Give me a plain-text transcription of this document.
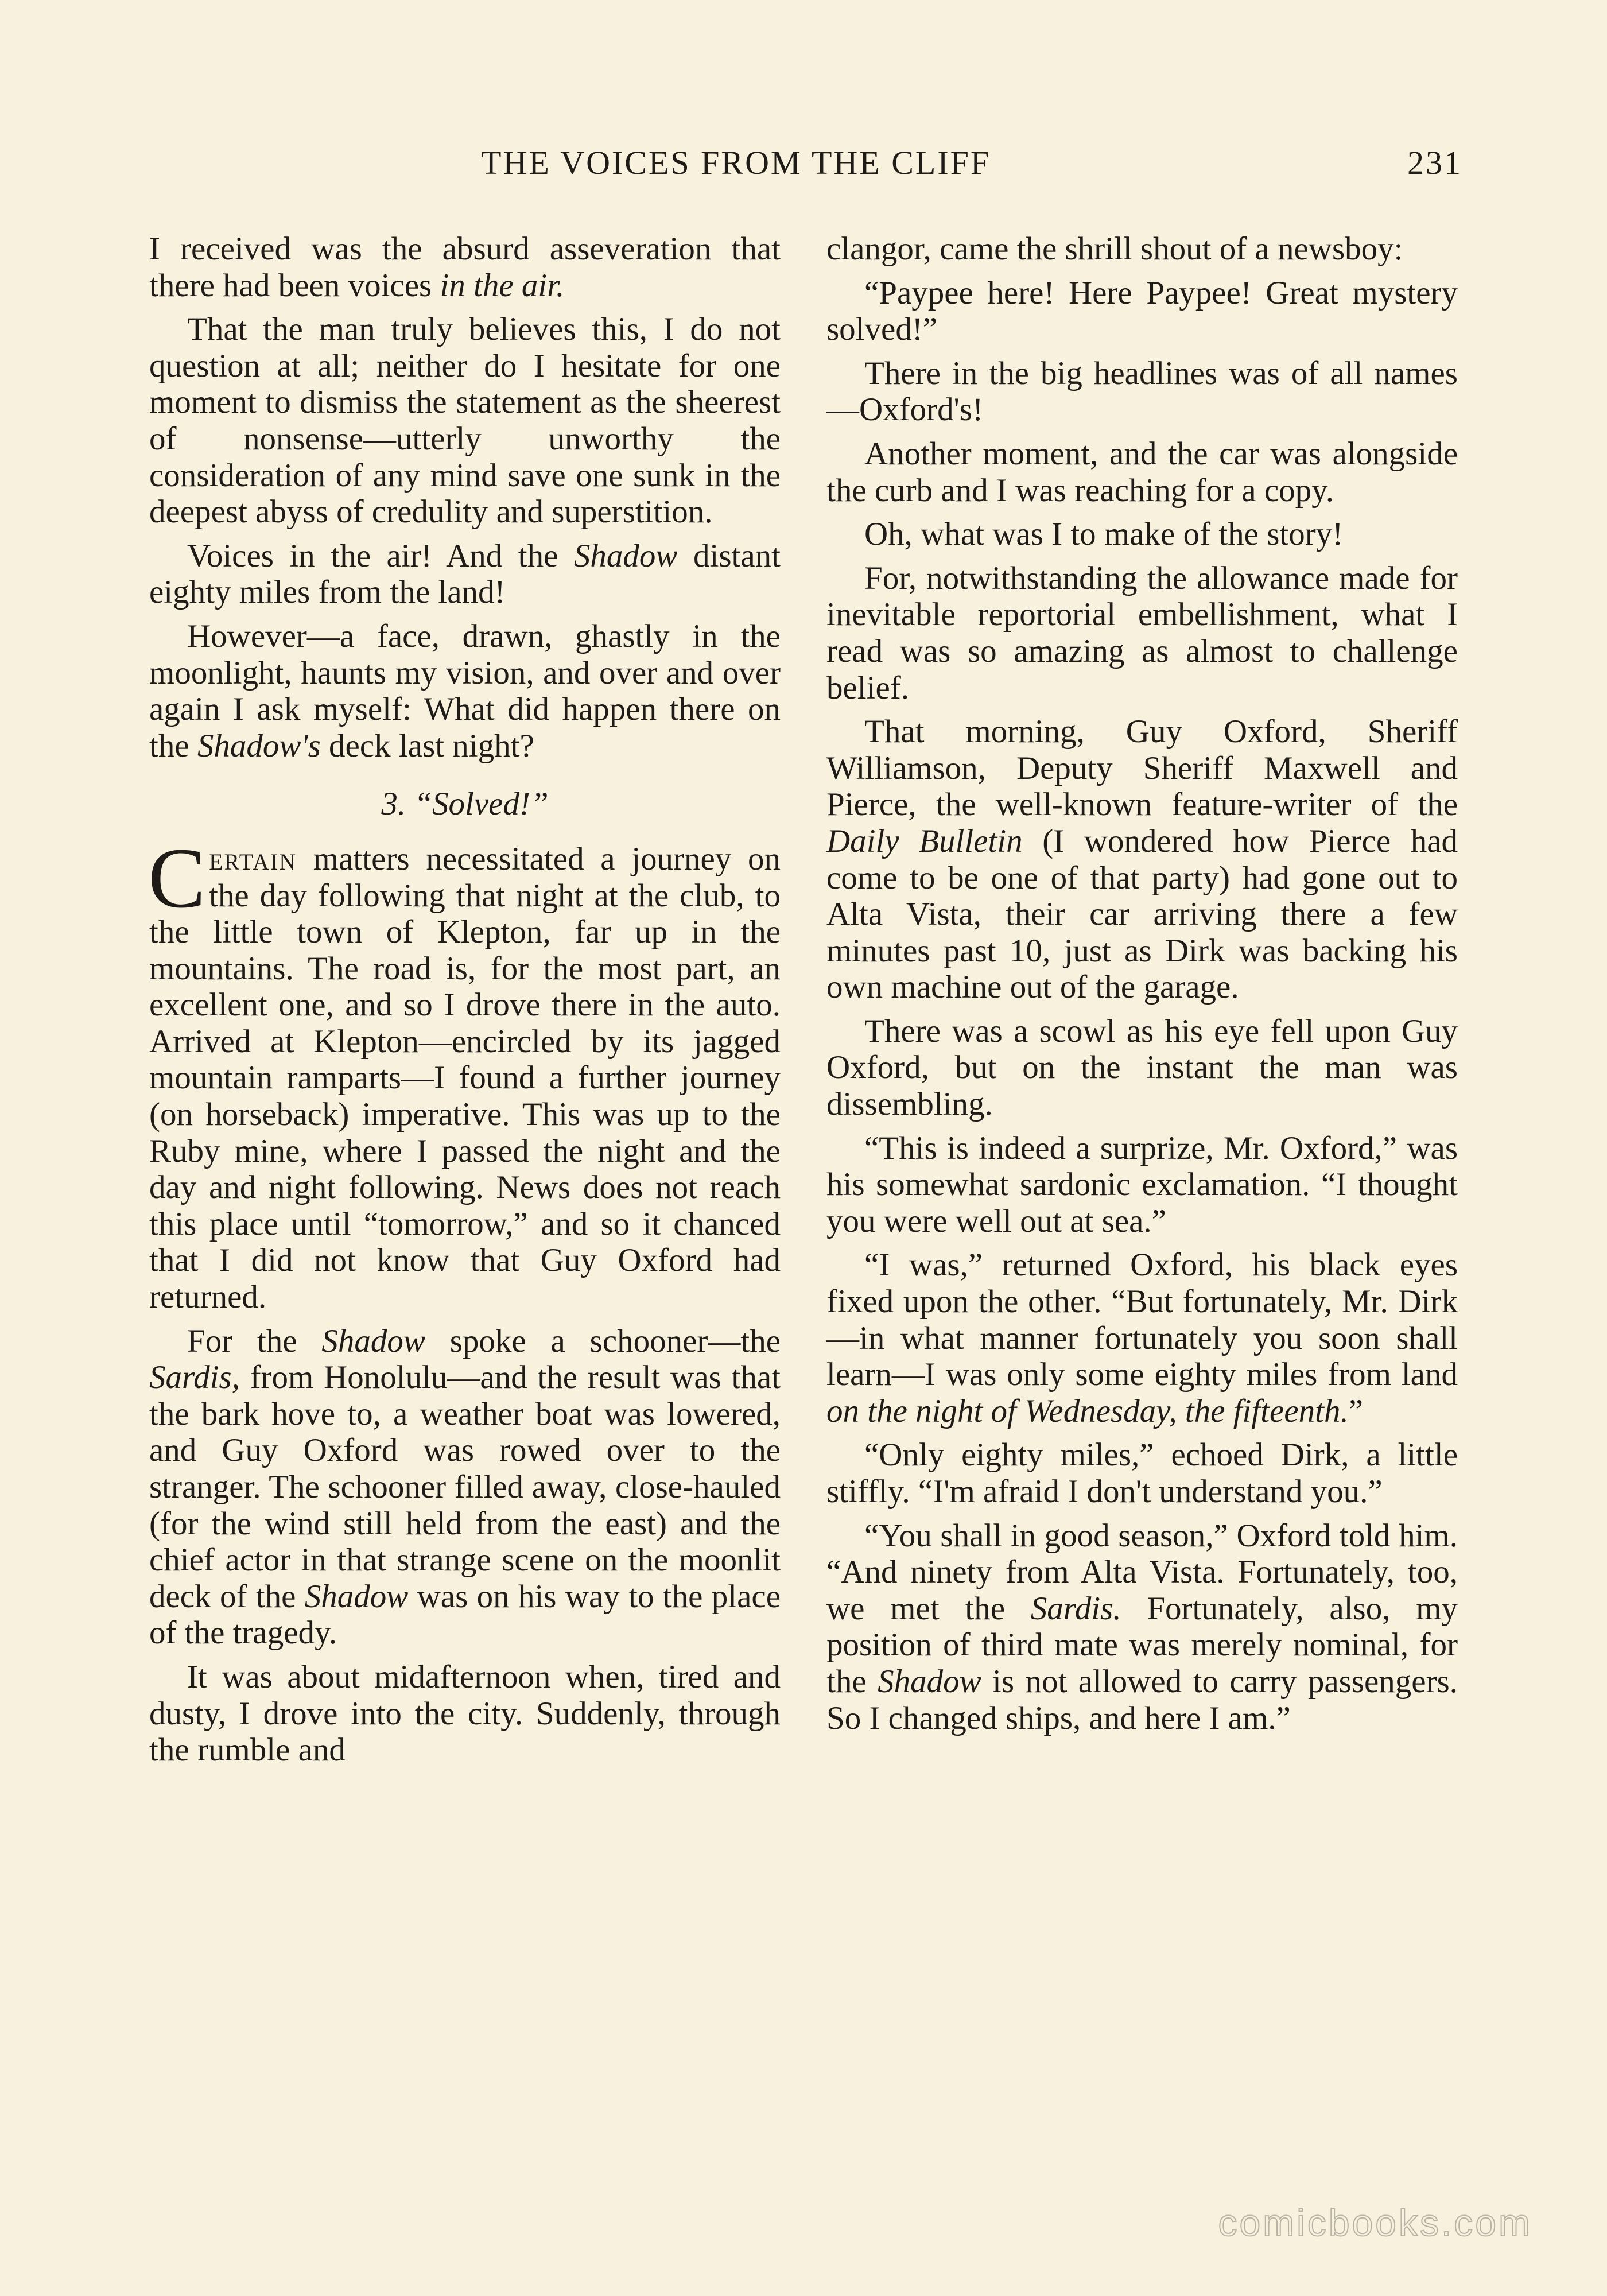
THE VOICES FROM THE CLIFF	231

I received was the absurd asseveration that there had been voices in the air.

That the man truly believes this, I do not question at all; neither do I hesitate for one moment to dismiss the statement as the sheerest of nonsense—utterly unworthy the consideration of any mind save one sunk in the deepest abyss of credulity and superstition.

Voices in the air! And the Shadow distant eighty miles from the land!

However—a face, drawn, ghastly in the moonlight, haunts my vision, and over and over again I ask myself: What did happen there on the Shadow's deck last night?

3. “Solved!”

Certain matters necessitated a journey on the day following that night at the club, to the little town of Klepton, far up in the mountains. The road is, for the most part, an excellent one, and so I drove there in the auto. Arrived at Klepton—encircled by its jagged mountain ramparts—I found a further journey (on horseback) imperative. This was up to the Ruby mine, where I passed the night and the day and night following. News does not reach this place until “tomorrow,” and so it chanced that I did not know that Guy Oxford had returned.

For the Shadow spoke a schooner—the Sardis, from Honolulu—and the result was that the bark hove to, a weather boat was lowered, and Guy Oxford was rowed over to the stranger. The schooner filled away, close-hauled (for the wind still held from the east) and the chief actor in that strange scene on the moonlit deck of the Shadow was on his way to the place of the tragedy.

It was about midafternoon when, tired and dusty, I drove into the city. Suddenly, through the rumble and

clangor, came the shrill shout of a newsboy:

“Paypee here! Here Paypee! Great mystery solved!”

There in the big headlines was of all names—Oxford's!

Another moment, and the car was alongside the curb and I was reaching for a copy.

Oh, what was I to make of the story!

For, notwithstanding the allowance made for inevitable reportorial embellishment, what I read was so amazing as almost to challenge belief.

That morning, Guy Oxford, Sheriff Williamson, Deputy Sheriff Maxwell and Pierce, the well-known feature-writer of the Daily Bulletin (I wondered how Pierce had come to be one of that party) had gone out to Alta Vista, their car arriving there a few minutes past 10, just as Dirk was backing his own machine out of the garage.

There was a scowl as his eye fell upon Guy Oxford, but on the instant the man was dissembling.

“This is indeed a surprize, Mr. Oxford,” was his somewhat sardonic exclamation. “I thought you were well out at sea.”

“I was,” returned Oxford, his black eyes fixed upon the other. “But fortunately, Mr. Dirk—in what manner fortunately you soon shall learn—I was only some eighty miles from land on the night of Wednesday, the fifteenth.”

“Only eighty miles,” echoed Dirk, a little stiffly. “I'm afraid I don't understand you.”

“You shall in good season,” Oxford told him. “And ninety from Alta Vista. Fortunately, too, we met the Sardis. Fortunately, also, my position of third mate was merely nominal, for the Shadow is not allowed to carry passengers. So I changed ships, and here I am.”

comicbooks.com
